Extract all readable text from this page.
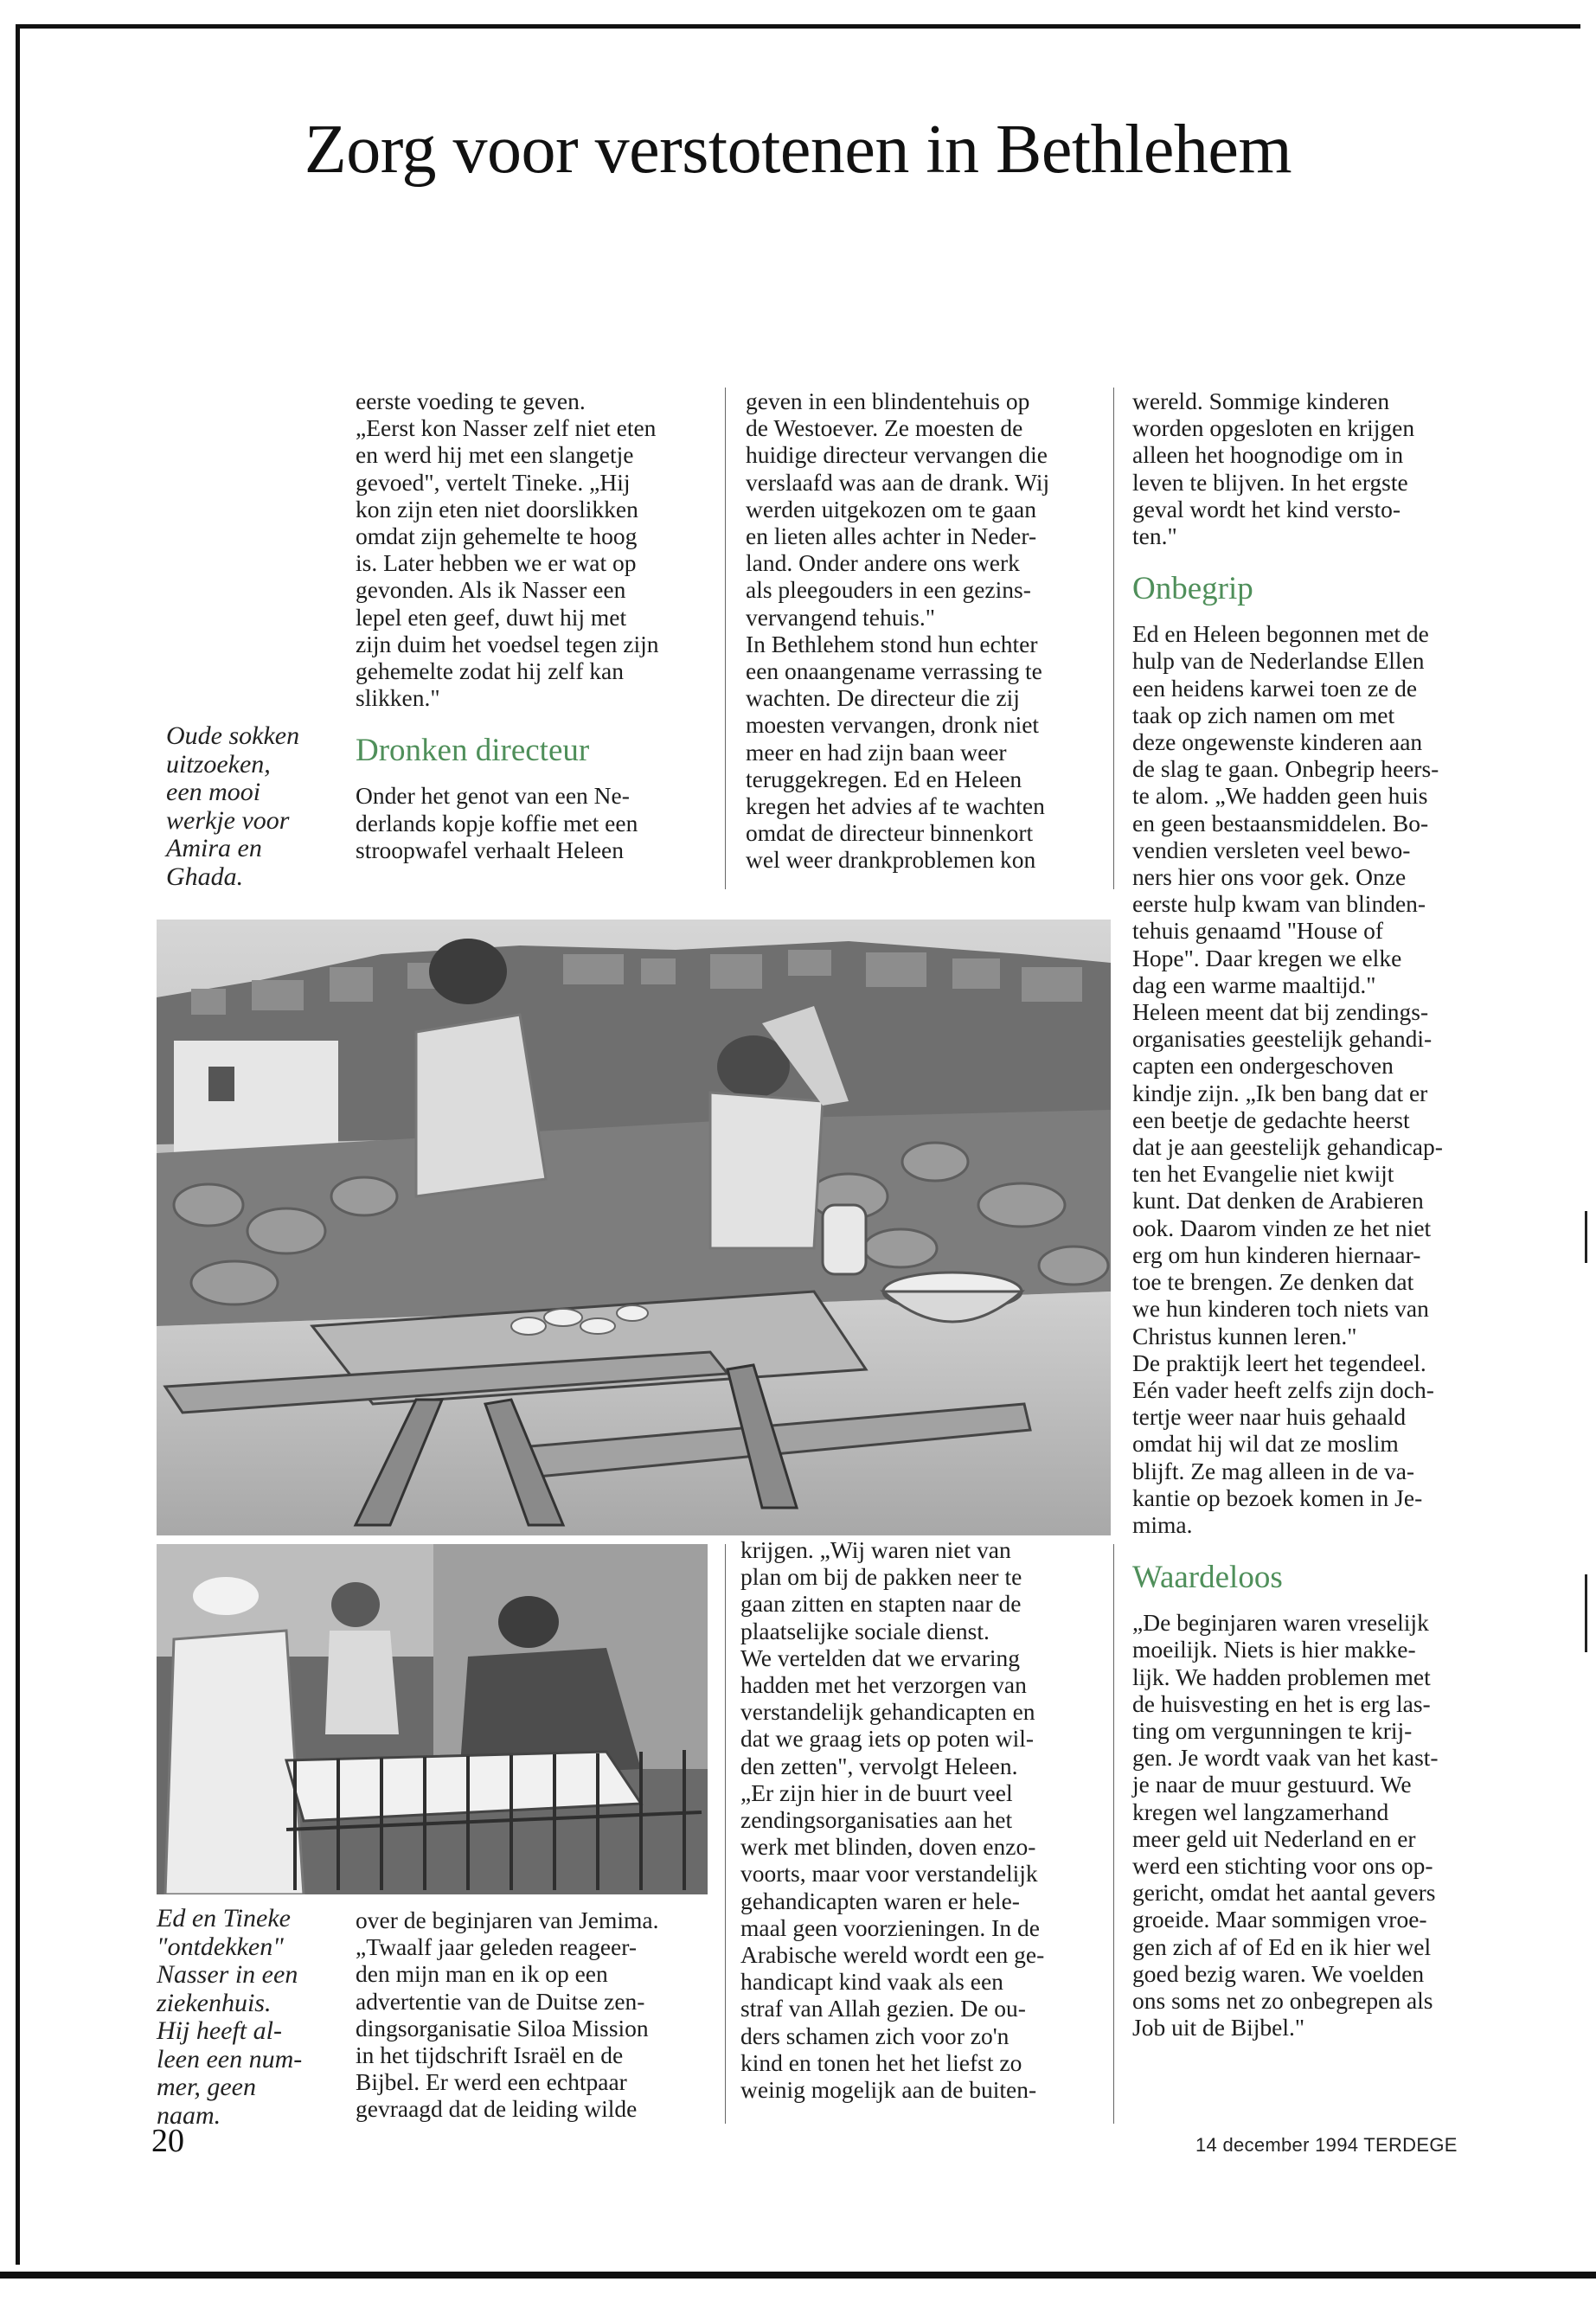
Zorg voor verstotenen in Bethlehem
Oude sokken
uitzoeken,
een mooi
werkje voor
Amira en
Ghada.

eerste voeding te geven.
„Eerst kon Nasser zelf niet eten
en werd hij met een slangetje
gevoed", vertelt Tineke. „Hij
kon zijn eten niet doorslikken
omdat zijn gehemelte te hoog
is. Later hebben we er wat op
gevonden. Als ik Nasser een
lepel eten geef, duwt hij met
zijn duim het voedsel tegen zijn
gehemelte zodat hij zelf kan
slikken."

Dronken directeur

Onder het genot van een Ne-
derlands kopje koffie met een
stroopwafel verhaalt Heleen

geven in een blindentehuis op
de Westoever. Ze moesten de
huidige directeur vervangen die
verslaafd was aan de drank. Wij
werden uitgekozen om te gaan
en lieten alles achter in Neder-
land. Onder andere ons werk
als pleegouders in een gezins-
vervangend tehuis."
In Bethlehem stond hun echter
een onaangename verrassing te
wachten. De directeur die zij
moesten vervangen, dronk niet
meer en had zijn baan weer
teruggekregen. Ed en Heleen
kregen het advies af te wachten
omdat de directeur binnenkort
wel weer drankproblemen kon

wereld. Sommige kinderen
worden opgesloten en krijgen
alleen het hoognodige om in
leven te blijven. In het ergste
geval wordt het kind versto-
ten."

Onbegrip

Ed en Heleen begonnen met de
hulp van de Nederlandse Ellen
een heidens karwei toen ze de
taak op zich namen om met
deze ongewenste kinderen aan
de slag te gaan. Onbegrip heers-
te alom. „We hadden geen huis
en geen bestaansmiddelen. Bo-
vendien versleten veel bewo-
ners hier ons voor gek. Onze
eerste hulp kwam van blinden-
tehuis genaamd "House of
Hope". Daar kregen we elke
dag een warme maaltijd."
Heleen meent dat bij zendings-
organisaties geestelijk gehandi-
capten een ondergeschoven
kindje zijn. „Ik ben bang dat er
een beetje de gedachte heerst
dat je aan geestelijk gehandicap-
ten het Evangelie niet kwijt
kunt. Dat denken de Arabieren
ook. Daarom vinden ze het niet
erg om hun kinderen hiernaar-
toe te brengen. Ze denken dat
we hun kinderen toch niets van
Christus kunnen leren."
De praktijk leert het tegendeel.
Eén vader heeft zelfs zijn doch-
tertje weer naar huis gehaald
omdat hij wil dat ze moslim
blijft. Ze mag alleen in de va-
kantie op bezoek komen in Je-
mima.

Waardeloos

„De beginjaren waren vreselijk
moeilijk. Niets is hier makke-
lijk. We hadden problemen met
de huisvesting en het is erg las-
ting om vergunningen te krij-
gen. Je wordt vaak van het kast-
je naar de muur gestuurd. We
kregen wel langzamerhand
meer geld uit Nederland en er
werd een stichting voor ons op-
gericht, omdat het aantal gevers
groeide. Maar sommigen vroe-
gen zich af of Ed en ik hier wel
goed bezig waren. We voelden
ons soms net zo onbegrepen als
Job uit de Bijbel."

krijgen. „Wij waren niet van
plan om bij de pakken neer te
gaan zitten en stapten naar de
plaatselijke sociale dienst.
We vertelden dat we ervaring
hadden met het verzorgen van
verstandelijk gehandicapten en
dat we graag iets op poten wil-
den zetten", vervolgt Heleen.
„Er zijn hier in de buurt veel
zendingsorganisaties aan het
werk met blinden, doven enzo-
voorts, maar voor verstandelijk
gehandicapten waren er hele-
maal geen voorzieningen. In de
Arabische wereld wordt een ge-
handicapt kind vaak als een
straf van Allah gezien. De ou-
ders schamen zich voor zo'n
kind en tonen het het liefst zo
weinig mogelijk aan de buiten-

Ed en Tineke
"ontdekken"
Nasser in een
ziekenhuis.
Hij heeft al-
leen een num-
mer, geen
naam.

over de beginjaren van Jemima.
„Twaalf jaar geleden reageer-
den mijn man en ik op een
advertentie van de Duitse zen-
dingsorganisatie Siloa Mission
in het tijdschrift Israël en de
Bijbel. Er werd een echtpaar
gevraagd dat de leiding wilde

20	14 december 1994 TERDEGE
